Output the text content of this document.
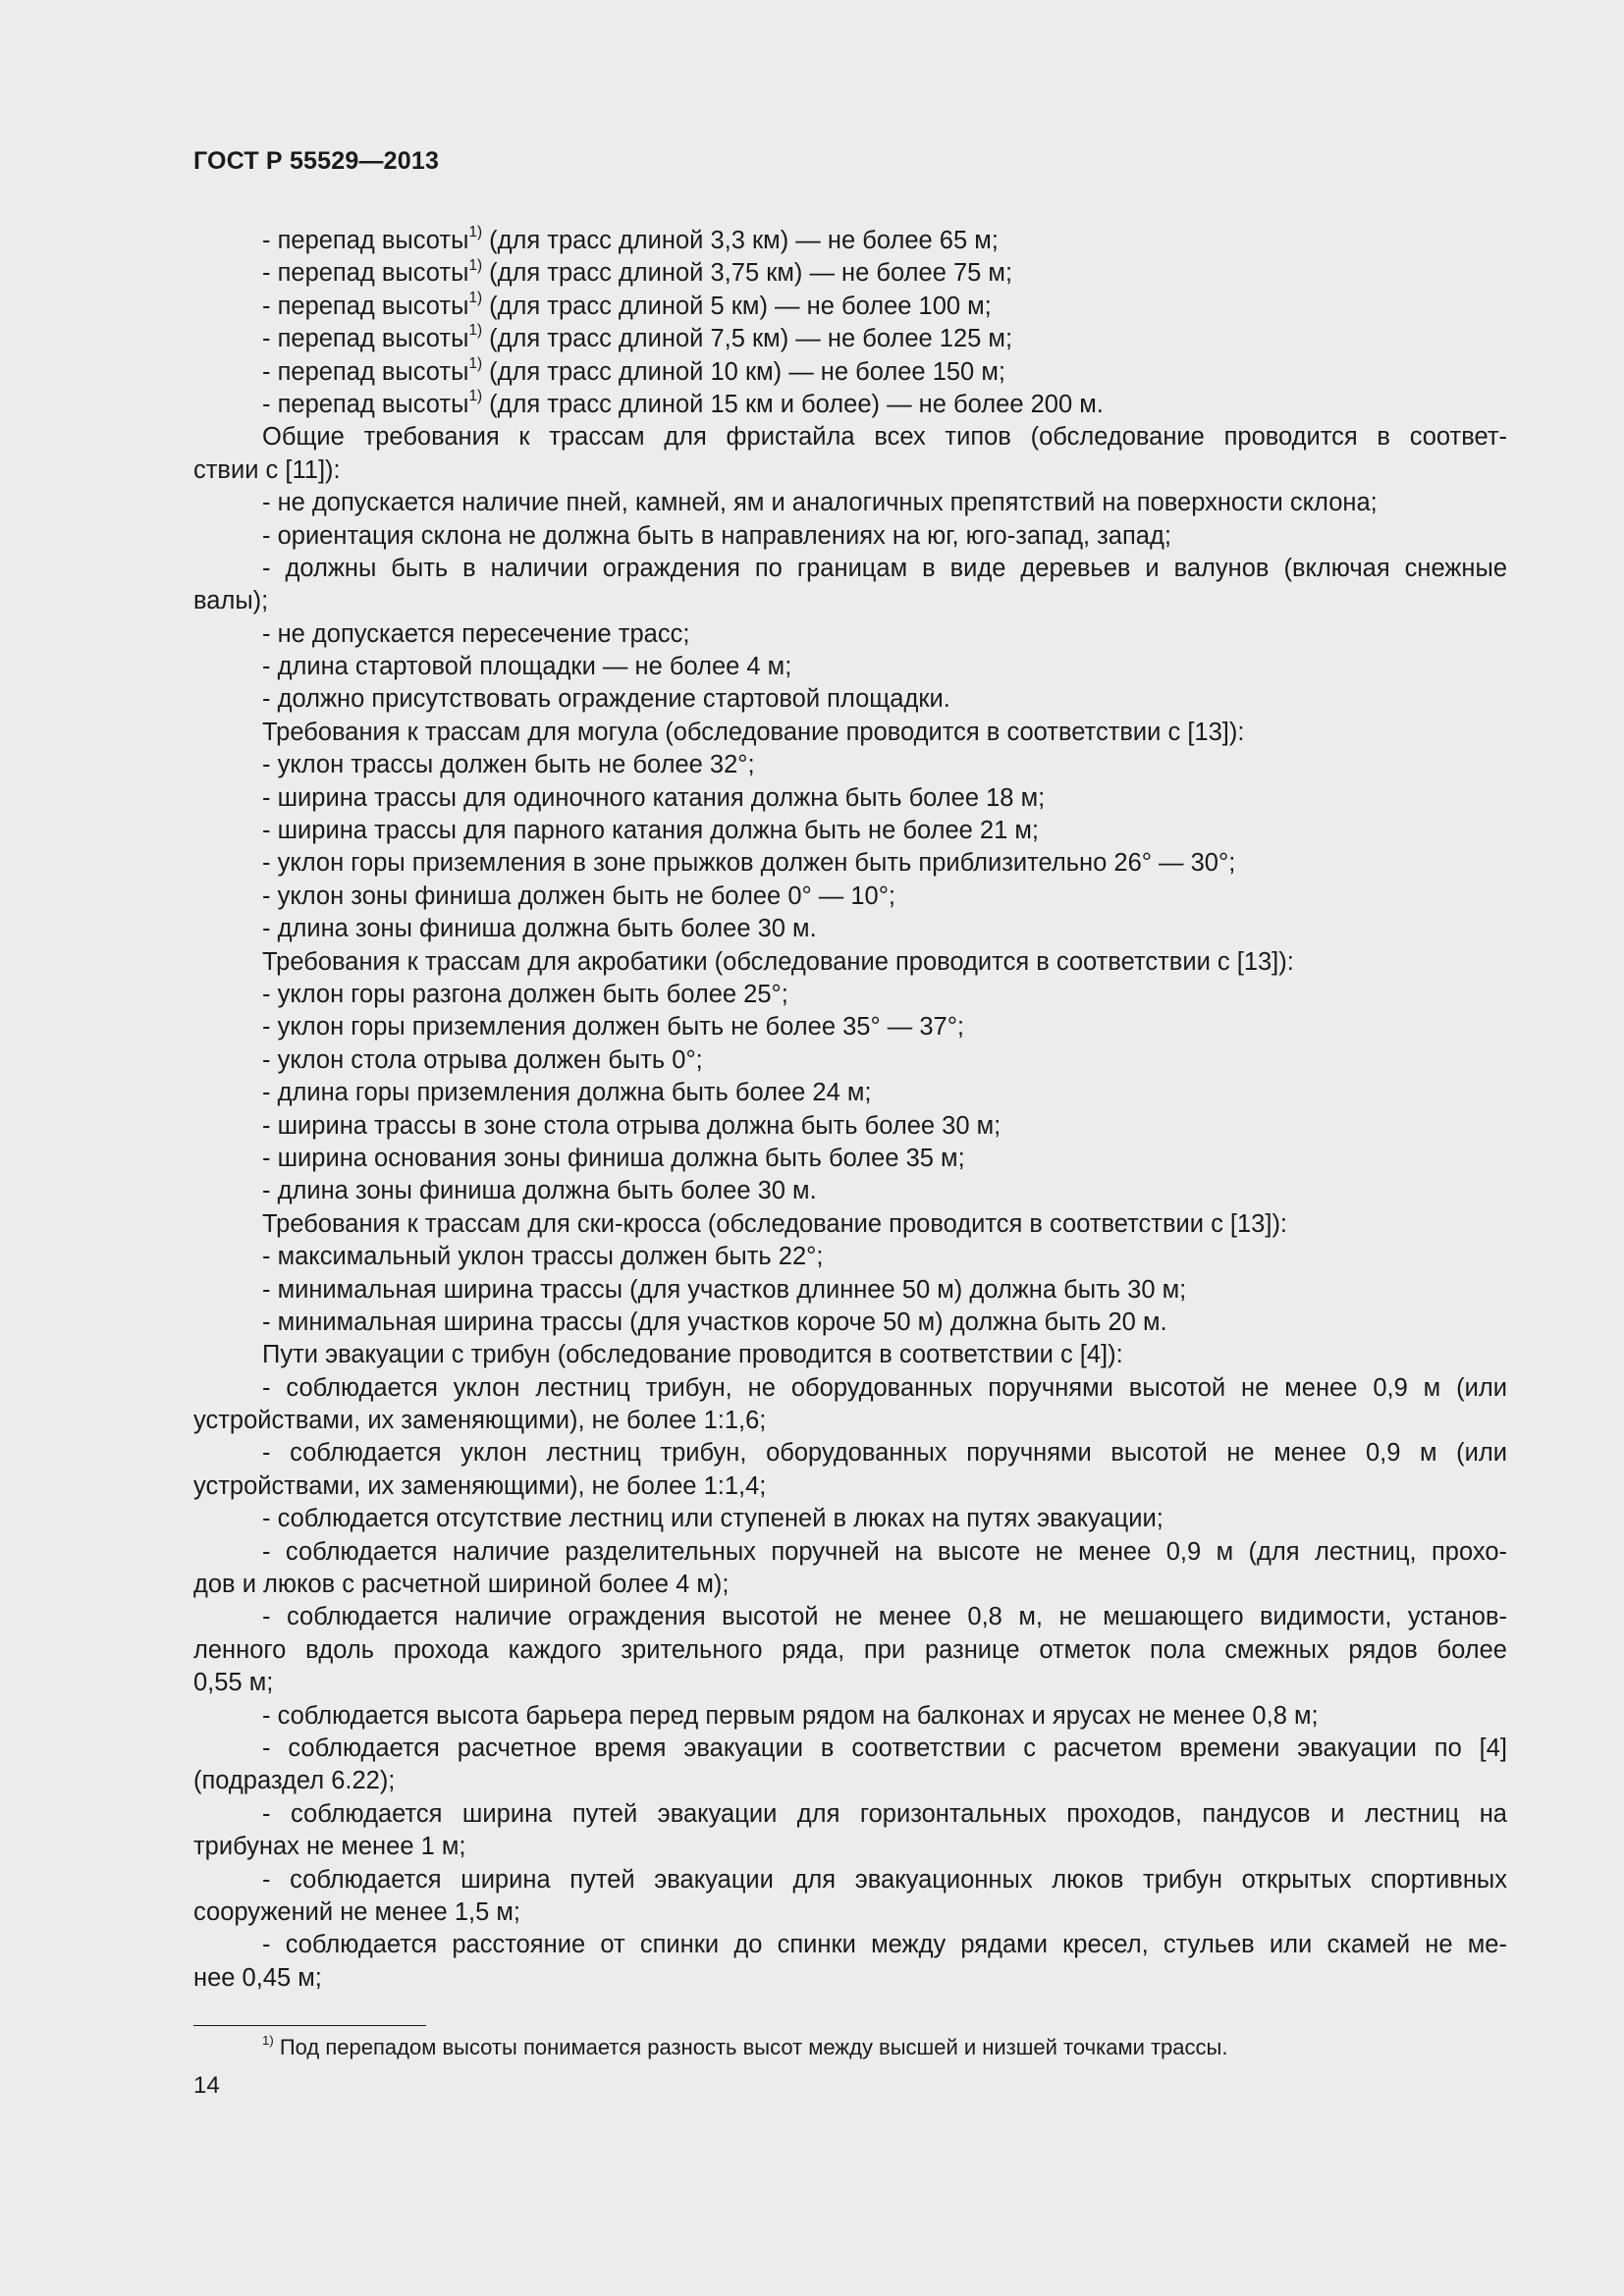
ГОСТ Р 55529—2013
- перепад высоты$^{1)}$ (для трасс длиной 3,3 км) — не более 65 м;
- перепад высоты$^{1)}$ (для трасс длиной 3,75 км) — не более 75 м;
- перепад высоты$^{1)}$ (для трасс длиной 5 км) — не более 100 м;
- перепад высоты$^{1)}$ (для трасс длиной 7,5 км) — не более 125 м;
- перепад высоты$^{1)}$ (для трасс длиной 10 км) — не более 150 м;
- перепад высоты$^{1)}$ (для трасс длиной 15 км и более) — не более 200 м.
Общие требования к трассам для фристайла всех типов (обследование проводится в соответ-
ствии с [11]):
- не допускается наличие пней, камней, ям и аналогичных препятствий на поверхности склона;
- ориентация склона не должна быть в направлениях на юг, юго-запад, запад;
- должны быть в наличии ограждения по границам в виде деревьев и валунов (включая снежные
валы);
- не допускается пересечение трасс;
- длина стартовой площадки — не более 4 м;
- должно присутствовать ограждение стартовой площадки.
Требования к трассам для могула (обследование проводится в соответствии с [13]):
- уклон трассы должен быть не более 32°;
- ширина трассы для одиночного катания должна быть более 18 м;
- ширина трассы для парного катания должна быть не более 21 м;
- уклон горы приземления в зоне прыжков должен быть приблизительно 26° — 30°;
- уклон зоны финиша должен быть не более 0° — 10°;
- длина зоны финиша должна быть более 30 м.
Требования к трассам для акробатики (обследование проводится в соответствии с [13]):
- уклон горы разгона должен быть более 25°;
- уклон горы приземления должен быть не более 35° — 37°;
- уклон стола отрыва должен быть 0°;
- длина горы приземления должна быть более 24 м;
- ширина трассы в зоне стола отрыва должна быть более 30 м;
- ширина основания зоны финиша должна быть более 35 м;
- длина зоны финиша должна быть более 30 м.
Требования к трассам для ски-кросса (обследование проводится в соответствии с [13]):
- максимальный уклон трассы должен быть 22°;
- минимальная ширина трассы (для участков длиннее 50 м) должна быть 30 м;
- минимальная ширина трассы (для участков короче 50 м) должна быть 20 м.
Пути эвакуации с трибун (обследование проводится в соответствии с [4]):
- соблюдается уклон лестниц трибун, не оборудованных поручнями высотой не менее 0,9 м (или
устройствами, их заменяющими), не более 1:1,6;
- соблюдается уклон лестниц трибун, оборудованных поручнями высотой не менее 0,9 м (или
устройствами, их заменяющими), не более 1:1,4;
- соблюдается отсутствие лестниц или ступеней в люках на путях эвакуации;
- соблюдается наличие разделительных поручней на высоте не менее 0,9 м (для лестниц, прохо-
дов и люков с расчетной шириной более 4 м);
- соблюдается наличие ограждения высотой не менее 0,8 м, не мешающего видимости, установ-
ленного вдоль прохода каждого зрительного ряда, при разнице отметок пола смежных рядов более
0,55 м;
- соблюдается высота барьера перед первым рядом на балконах и ярусах не менее 0,8 м;
- соблюдается расчетное время эвакуации в соответствии с расчетом времени эвакуации по [4]
(подраздел 6.22);
- соблюдается ширина путей эвакуации для горизонтальных проходов, пандусов и лестниц на
трибунах не менее 1 м;
- соблюдается ширина путей эвакуации для эвакуационных люков трибун открытых спортивных
сооружений не менее 1,5 м;
- соблюдается расстояние от спинки до спинки между рядами кресел, стульев или скамей не ме-
нее 0,45 м;
$^{1)}$ Под перепадом высоты понимается разность высот между высшей и низшей точками трассы.
14
